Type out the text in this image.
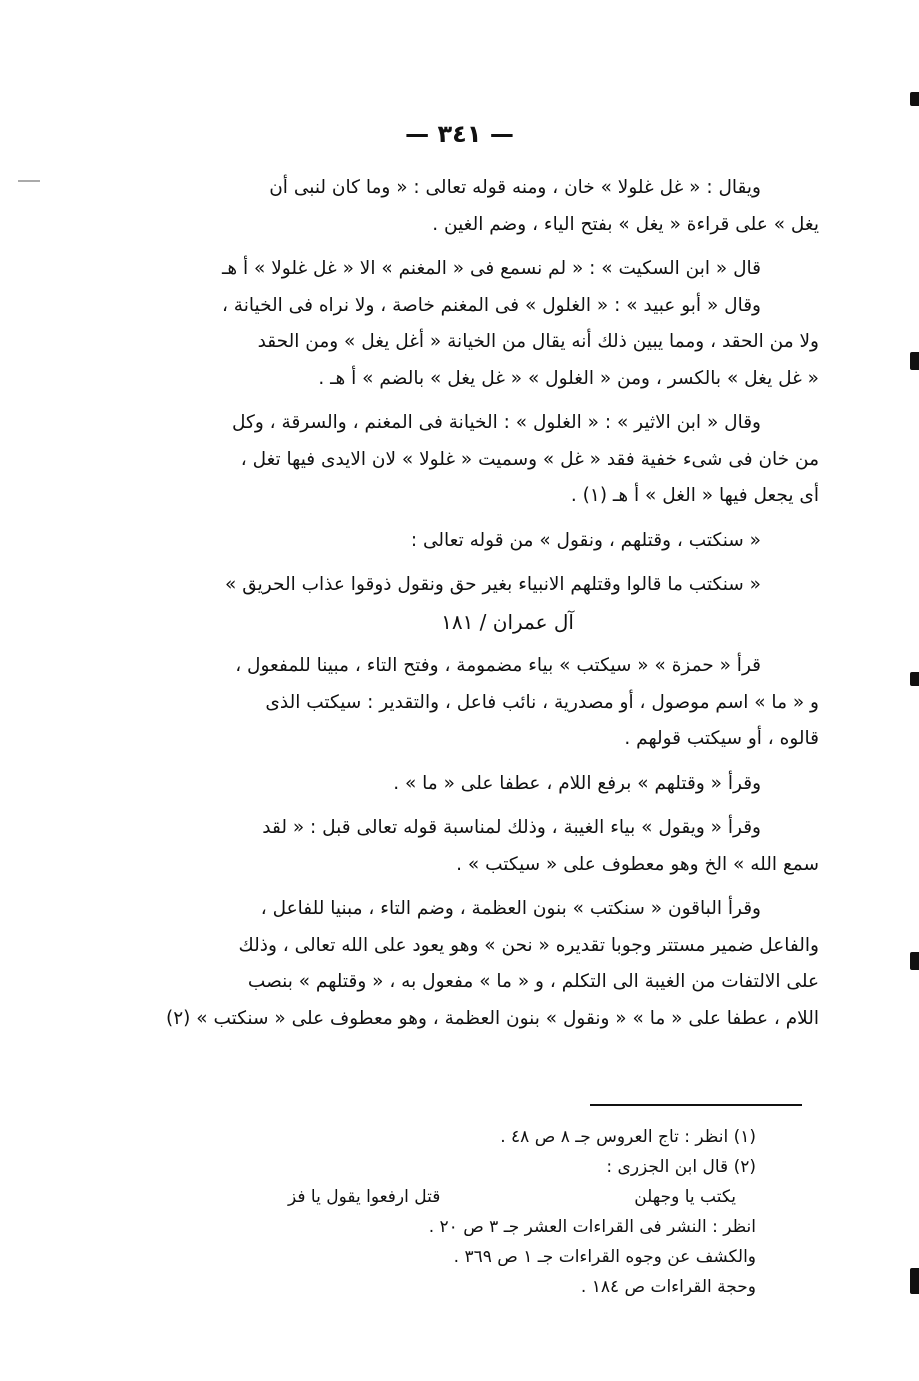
— ٣٤١ —
ويقال : « غل غلولا » خان ، ومنه قوله تعالى : « وما كان لنبى أن
يغل » على قراءة « يغل » بفتح الياء ، وضم الغين .
قال « ابن السكيت » : « لم نسمع فى « المغنم » الا « غل غلولا » أ هـ
وقال « أبو عبيد » : « الغلول » فى المغنم خاصة ، ولا نراه فى الخيانة ،
ولا من الحقد ، ومما يبين ذلك أنه يقال من الخيانة « أغل يغل » ومن الحقد
« غل يغل » بالكسر ، ومن « الغلول » « غل يغل » بالضم » أ هـ .
وقال « ابن الاثير » : « الغلول » : الخيانة فى المغنم ، والسرقة ، وكل
من خان فى شىء خفية فقد « غل » وسميت « غلولا » لان الايدى فيها تغل ،
أى يجعل فيها « الغل » أ هـ (١) .
« سنكتب ، وقتلهم ، ونقول » من قوله تعالى :
« سنكتب ما قالوا وقتلهم الانبياء بغير حق ونقول ذوقوا عذاب الحريق »
آل عمران / ١٨١
قرأ « حمزة » « سيكتب » بياء مضمومة ، وفتح التاء ، مبينا للمفعول ،
و « ما » اسم موصول ، أو مصدرية ، نائب فاعل ، والتقدير : سيكتب الذى
قالوه ، أو سيكتب قولهم .
وقرأ « وقتلهم » برفع اللام ، عطفا على « ما » .
وقرأ « ويقول » بياء الغيبة ، وذلك لمناسبة قوله تعالى قبل : « لقد
سمع الله » الخ وهو معطوف على « سيكتب » .
وقرأ الباقون « سنكتب » بنون العظمة ، وضم التاء ، مبنيا للفاعل ،
والفاعل ضمير مستتر وجوبا تقديره « نحن » وهو يعود على الله تعالى ، وذلك
على الالتفات من الغيبة الى التكلم ، و « ما » مفعول به ، « وقتلهم » بنصب
اللام ، عطفا على « ما » « ونقول » بنون العظمة ، وهو معطوف على « سنكتب » (٢)
(١) انظر : تاج العروس جـ ٨ ص ٤٨ .
(٢) قال ابن الجزرى :
يكتب يا وجهلن
قتل ارفعوا يقول يا فز
انظر : النشر فى القراءات العشر جـ ٣ ص ٢٠ .
والكشف عن وجوه القراءات جـ ١ ص ٣٦٩ .
وحجة القراءات ص ١٨٤ .
